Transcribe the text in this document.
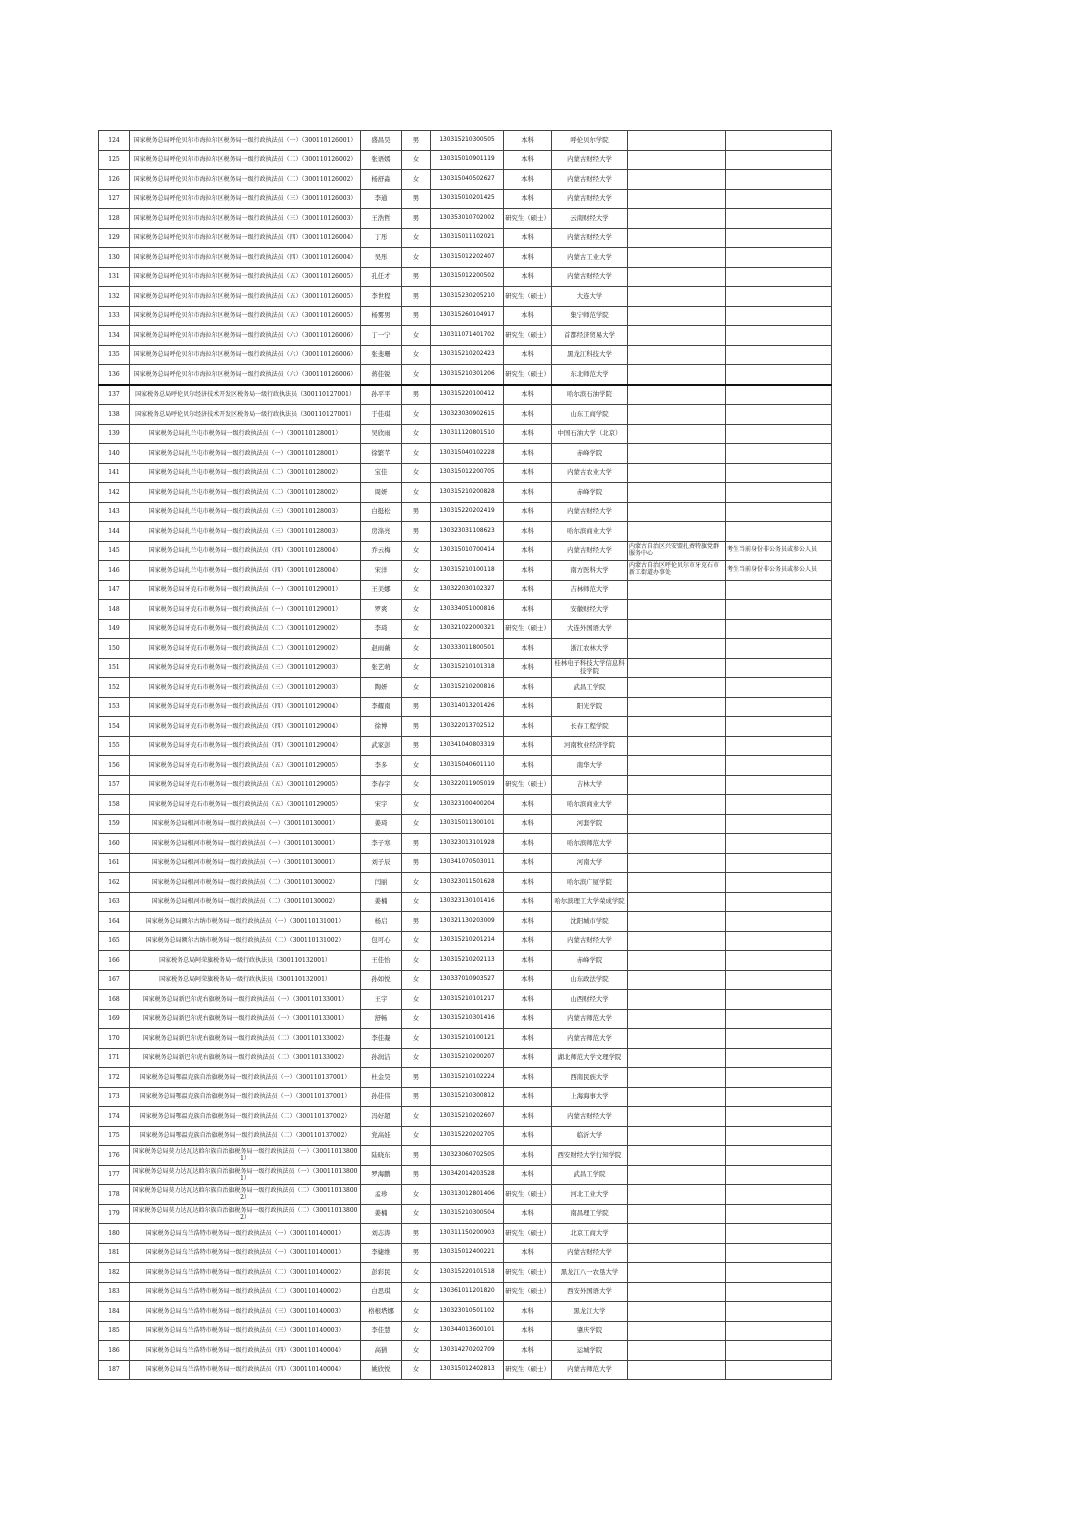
124	国家税务总局呼伦贝尔市海拉尔区税务局一级行政执法员（一）（300110126001）	盛昌昊	男	130315210300505	本科	呼伦贝尔学院		
125	国家税务总局呼伦贝尔市海拉尔区税务局一级行政执法员（二）（300110126002）	张语嫣	女	130315010901119	本科	内蒙古财经大学		
126	国家税务总局呼伦贝尔市海拉尔区税务局一级行政执法员（二）（300110126002）	杨舒淼	女	130315040502627	本科	内蒙古财经大学		
127	国家税务总局呼伦贝尔市海拉尔区税务局一级行政执法员（三）（300110126003）	李通	男	130315010201425	本科	内蒙古财经大学		
128	国家税务总局呼伦贝尔市海拉尔区税务局一级行政执法员（三）（300110126003）	王浩哲	男	130353010702002	研究生（硕士）	云南财经大学		
129	国家税务总局呼伦贝尔市海拉尔区税务局一级行政执法员（四）（300110126004）	丁彤	女	130315011102021	本科	内蒙古财经大学		
130	国家税务总局呼伦贝尔市海拉尔区税务局一级行政执法员（四）（300110126004）	吴彤	女	130315012202407	本科	内蒙古工业大学		
131	国家税务总局呼伦贝尔市海拉尔区税务局一级行政执法员（五）（300110126005）	孔任才	男	130315012200502	本科	内蒙古财经大学		
132	国家税务总局呼伦贝尔市海拉尔区税务局一级行政执法员（五）（300110126005）	李世程	男	130315230205210	研究生（硕士）	大连大学		
133	国家税务总局呼伦贝尔市海拉尔区税务局一级行政执法员（五）（300110126005）	杨雾男	男	130315260104917	本科	集宁师范学院		
134	国家税务总局呼伦贝尔市海拉尔区税务局一级行政执法员（六）（300110126006）	丁一宁	女	130311071401702	研究生（硕士）	首都经济贸易大学		
135	国家税务总局呼伦贝尔市海拉尔区税务局一级行政执法员（六）（300110126006）	张斐珊	女	130315210202423	本科	黑龙江科技大学		
136	国家税务总局呼伦贝尔市海拉尔区税务局一级行政执法员（六）（300110126006）	蒋佳锐	女	130315210301206	研究生（硕士）	东北师范大学		
137	国家税务总局呼伦贝尔经济技术开发区税务局一级行政执法员（300110127001）	孙平平	男	130315220100412	本科	哈尔滨石油学院		
138	国家税务总局呼伦贝尔经济技术开发区税务局一级行政执法员（300110127001）	于佳琪	女	130323030902615	本科	山东工商学院		
139	国家税务总局扎兰屯市税务局一级行政执法员（一）（300110128001）	吴欣雨	女	130311120801510	本科	中国石油大学（北京）		
140	国家税务总局扎兰屯市税务局一级行政执法员（一）（300110128001）	徐繁芊	女	130315040102228	本科	赤峰学院		
141	国家税务总局扎兰屯市税务局一级行政执法员（二）（300110128002）	宝佳	女	130315012200705	本科	内蒙古农业大学		
142	国家税务总局扎兰屯市税务局一级行政执法员（二）（300110128002）	周妍	女	130315210200828	本科	赤峰学院		
143	国家税务总局扎兰屯市税务局一级行政执法员（三）（300110128003）	白挺松	男	130315220202419	本科	内蒙古财经大学		
144	国家税务总局扎兰屯市税务局一级行政执法员（三）（300110128003）	房涤亮	男	130323031108623	本科	哈尔滨商业大学		
145	国家税务总局扎兰屯市税务局一级行政执法员（四）（300110128004）	乔云梅	女	130315010700414	本科	内蒙古财经大学	内蒙古自治区兴安盟扎赉特旗党群服务中心	考生当前身份非公务员或参公人员
146	国家税务总局扎兰屯市税务局一级行政执法员（四）（300110128004）	宋洋	女	130315210100118	本科	南方医科大学	内蒙古自治区呼伦贝尔市牙克石市新工街道办事处	考生当前身份非公务员或参公人员
147	国家税务总局牙克石市税务局一级行政执法员（一）（300110129001）	王美娜	女	130322030102327	本科	吉林师范大学		
148	国家税务总局牙克石市税务局一级行政执法员（一）（300110129001）	罗爽	女	130334051000816	本科	安徽财经大学		
149	国家税务总局牙克石市税务局一级行政执法员（二）（300110129002）	李琦	女	130321022000321	研究生（硕士）	大连外国语大学		
150	国家税务总局牙克石市税务局一级行政执法员（二）（300110129002）	赵雨薇	女	130333011800501	本科	浙江农林大学		
151	国家税务总局牙克石市税务局一级行政执法员（三）（300110129003）	张艺萌	女	130315210101318	本科	桂林电子科技大学信息科技学院		
152	国家税务总局牙克石市税务局一级行政执法员（三）（300110129003）	陶妍	女	130315210200816	本科	武昌工学院		
153	国家税务总局牙克石市税务局一级行政执法员（四）（300110129004）	李耀南	男	130314013201426	本科	阳光学院		
154	国家税务总局牙克石市税务局一级行政执法员（四）（300110129004）	徐博	男	130322013702512	本科	长春工程学院		
155	国家税务总局牙克石市税务局一级行政执法员（四）（300110129004）	武家彭	男	130341040803319	本科	河南牧业经济学院		
156	国家税务总局牙克石市税务局一级行政执法员（五）（300110129005）	李多	女	130315040601110	本科	南华大学		
157	国家税务总局牙克石市税务局一级行政执法员（五）（300110129005）	李春宇	女	130322011905019	研究生（硕士）	吉林大学		
158	国家税务总局牙克石市税务局一级行政执法员（五）（300110129005）	宋宇	女	130323100400204	本科	哈尔滨商业大学		
159	国家税务总局根河市税务局一级行政执法员（一）（300110130001）	姜琦	女	130315011300101	本科	河套学院		
160	国家税务总局根河市税务局一级行政执法员（一）（300110130001）	李子寒	男	130323013101928	本科	哈尔滨师范大学		
161	国家税务总局根河市税务局一级行政执法员（一）（300110130001）	刘子辰	男	130341070503011	本科	河南大学		
162	国家税务总局根河市税务局一级行政执法员（二）（300110130002）	闫丽	女	130323011501628	本科	哈尔滨广厦学院		
163	国家税务总局根河市税务局一级行政执法员（二）（300110130002）	姜楠	女	130323130101416	本科	哈尔滨理工大学荣成学院		
164	国家税务总局额尔古纳市税务局一级行政执法员（一）（300110131001）	杨启	男	130321130203009	本科	沈阳城市学院		
165	国家税务总局额尔古纳市税务局一级行政执法员（二）（300110131002）	包可心	女	130315210201214	本科	内蒙古财经大学		
166	国家税务总局阿荣旗税务局一级行政执法员（300110132001）	王佳怡	女	130315210202113	本科	赤峰学院		
167	国家税务总局阿荣旗税务局一级行政执法员（300110132001）	孙如悦	女	130337010903527	本科	山东政法学院		
168	国家税务总局新巴尔虎右旗税务局一级行政执法员（一）（300110133001）	王宇	女	130315210101217	本科	山西财经大学		
169	国家税务总局新巴尔虎右旗税务局一级行政执法员（一）（300110133001）	舒畅	女	130315210301416	本科	内蒙古师范大学		
170	国家税务总局新巴尔虎右旗税务局一级行政执法员（二）（300110133002）	李佳凝	女	130315210100121	本科	内蒙古师范大学		
171	国家税务总局新巴尔虎右旗税务局一级行政执法员（二）（300110133002）	孙润洁	女	130315210200207	本科	湖北师范大学文理学院		
172	国家税务总局鄂温克族自治旗税务局一级行政执法员（一）（300110137001）	杜金昊	男	130315210102224	本科	西南民族大学		
173	国家税务总局鄂温克族自治旗税务局一级行政执法员（一）（300110137001）	孙佳伟	男	130315210300812	本科	上海海事大学		
174	国家税务总局鄂温克族自治旗税务局一级行政执法员（二）（300110137002）	冯好超	女	130315210202607	本科	内蒙古财经大学		
175	国家税务总局鄂温克族自治旗税务局一级行政执法员（二）（300110137002）	党高娃	女	130315220202705	本科	临沂大学		
176	国家税务总局莫力达瓦达斡尔族自治旗税务局一级行政执法员（一）（300110138001）	陆晓东	男	130323060702505	本科	西安财经大学行知学院		
177	国家税务总局莫力达瓦达斡尔族自治旗税务局一级行政执法员（一）（300110138001）	罗海鹏	男	130342014203528	本科	武昌工学院		
178	国家税务总局莫力达瓦达斡尔族自治旗税务局一级行政执法员（二）（300110138002）	孟珍	女	130313012801406	研究生（硕士）	河北工业大学		
179	国家税务总局莫力达瓦达斡尔族自治旗税务局一级行政执法员（二）（300110138002）	姜楠	女	130315210300504	本科	南昌理工学院		
180	国家税务总局乌兰浩特市税务局一级行政执法员（一）（300110140001）	刘志涛	男	130311150200903	研究生（硕士）	北京工商大学		
181	国家税务总局乌兰浩特市税务局一级行政执法员（一）（300110140001）	李婕维	男	130315012400221	本科	内蒙古财经大学		
182	国家税务总局乌兰浩特市税务局一级行政执法员（二）（300110140002）	彭彩民	女	130315220101518	研究生（硕士）	黑龙江八一农垦大学		
183	国家税务总局乌兰浩特市税务局一级行政执法员（二）（300110140002）	白思琪	女	130361011201820	研究生（硕士）	西安外国语大学		
184	国家税务总局乌兰浩特市税务局一级行政执法员（三）（300110140003）	格根塔娜	女	130323010501102	本科	黑龙江大学		
185	国家税务总局乌兰浩特市税务局一级行政执法员（三）（300110140003）	李佳慧	女	130344013600101	本科	肇庆学院		
186	国家税务总局乌兰浩特市税务局一级行政执法员（四）（300110140004）	高猜	女	130314270202709	本科	运城学院		
187	国家税务总局乌兰浩特市税务局一级行政执法员（四）（300110140004）	姚欣悦	女	130315012402813	研究生（硕士）	内蒙古师范大学		
